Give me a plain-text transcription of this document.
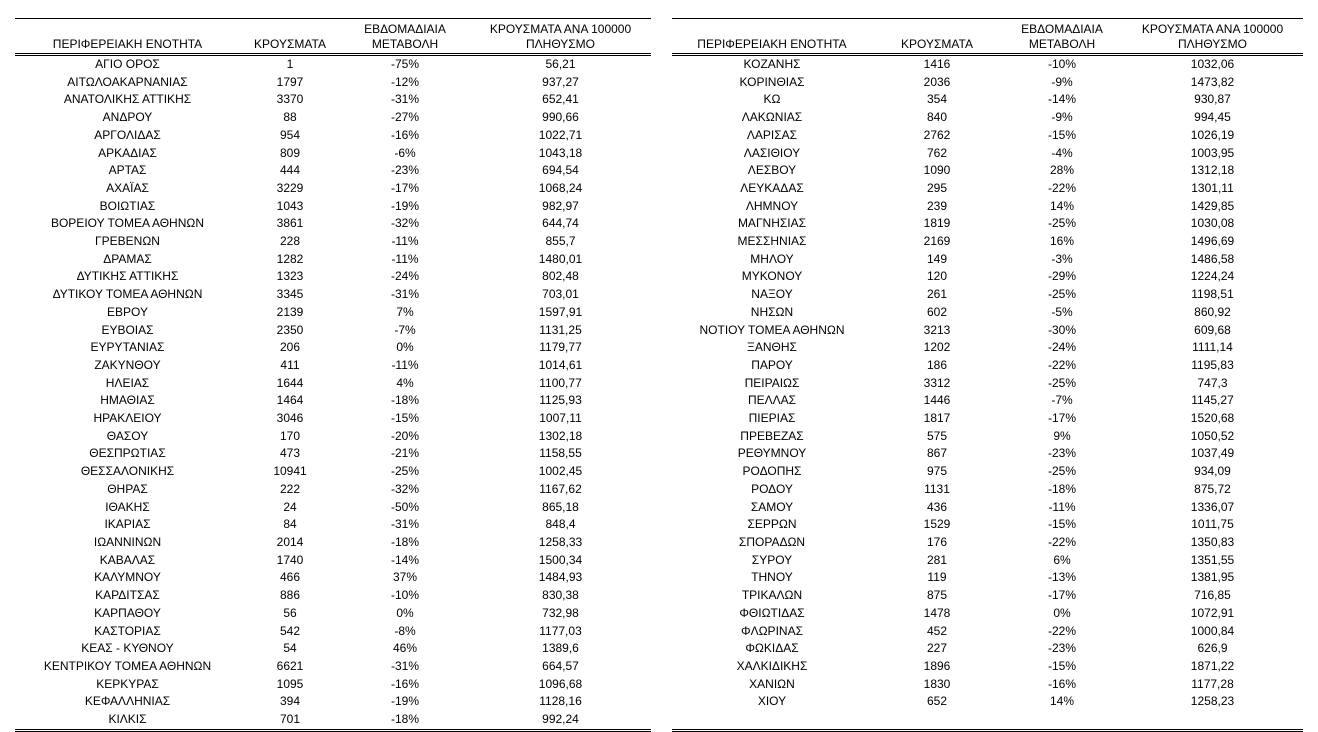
ΠΕΡΙΦΕΡΕΙΑΚΗ ΕΝΟΤΗΤΑ	ΚΡΟΥΣΜΑΤΑ	ΕΒΔΟΜΑΔΙΑΙΑ ΜΕΤΑΒΟΛΗ	ΚΡΟΥΣΜΑΤΑ ΑΝΑ 100000 ΠΛΗΘΥΣΜΟ
ΑΓΙΟ ΟΡΟΣ	1	-75%	56,21
ΑΙΤΩΛΟΑΚΑΡΝΑΝΙΑΣ	1797	-12%	937,27
ΑΝΑΤΟΛΙΚΗΣ ΑΤΤΙΚΗΣ	3370	-31%	652,41
ΑΝΔΡΟΥ	88	-27%	990,66
ΑΡΓΟΛΙΔΑΣ	954	-16%	1022,71
ΑΡΚΑΔΙΑΣ	809	-6%	1043,18
ΑΡΤΑΣ	444	-23%	694,54
ΑΧΑΪΑΣ	3229	-17%	1068,24
ΒΟΙΩΤΙΑΣ	1043	-19%	982,97
ΒΟΡΕΙΟΥ ΤΟΜΕΑ ΑΘΗΝΩΝ	3861	-32%	644,74
ΓΡΕΒΕΝΩΝ	228	-11%	855,7
ΔΡΑΜΑΣ	1282	-11%	1480,01
ΔΥΤΙΚΗΣ ΑΤΤΙΚΗΣ	1323	-24%	802,48
ΔΥΤΙΚΟΥ ΤΟΜΕΑ ΑΘΗΝΩΝ	3345	-31%	703,01
ΕΒΡΟΥ	2139	7%	1597,91
ΕΥΒΟΙΑΣ	2350	-7%	1131,25
ΕΥΡΥΤΑΝΙΑΣ	206	0%	1179,77
ΖΑΚΥΝΘΟΥ	411	-11%	1014,61
ΗΛΕΙΑΣ	1644	4%	1100,77
ΗΜΑΘΙΑΣ	1464	-18%	1125,93
ΗΡΑΚΛΕΙΟΥ	3046	-15%	1007,11
ΘΑΣΟΥ	170	-20%	1302,18
ΘΕΣΠΡΩΤΙΑΣ	473	-21%	1158,55
ΘΕΣΣΑΛΟΝΙΚΗΣ	10941	-25%	1002,45
ΘΗΡΑΣ	222	-32%	1167,62
ΙΘΑΚΗΣ	24	-50%	865,18
ΙΚΑΡΙΑΣ	84	-31%	848,4
ΙΩΑΝΝΙΝΩΝ	2014	-18%	1258,33
ΚΑΒΑΛΑΣ	1740	-14%	1500,34
ΚΑΛΥΜΝΟΥ	466	37%	1484,93
ΚΑΡΔΙΤΣΑΣ	886	-10%	830,38
ΚΑΡΠΑΘΟΥ	56	0%	732,98
ΚΑΣΤΟΡΙΑΣ	542	-8%	1177,03
ΚΕΑΣ - ΚΥΘΝΟΥ	54	46%	1389,6
ΚΕΝΤΡΙΚΟΥ ΤΟΜΕΑ ΑΘΗΝΩΝ	6621	-31%	664,57
ΚΕΡΚΥΡΑΣ	1095	-16%	1096,68
ΚΕΦΑΛΛΗΝΙΑΣ	394	-19%	1128,16
ΚΙΛΚΙΣ	701	-18%	992,24
ΠΕΡΙΦΕΡΕΙΑΚΗ ΕΝΟΤΗΤΑ	ΚΡΟΥΣΜΑΤΑ	ΕΒΔΟΜΑΔΙΑΙΑ ΜΕΤΑΒΟΛΗ	ΚΡΟΥΣΜΑΤΑ ΑΝΑ 100000 ΠΛΗΘΥΣΜΟ
ΚΟΖΑΝΗΣ	1416	-10%	1032,06
ΚΟΡΙΝΘΙΑΣ	2036	-9%	1473,82
ΚΩ	354	-14%	930,87
ΛΑΚΩΝΙΑΣ	840	-9%	994,45
ΛΑΡΙΣΑΣ	2762	-15%	1026,19
ΛΑΣΙΘΙΟΥ	762	-4%	1003,95
ΛΕΣΒΟΥ	1090	28%	1312,18
ΛΕΥΚΑΔΑΣ	295	-22%	1301,11
ΛΗΜΝΟΥ	239	14%	1429,85
ΜΑΓΝΗΣΙΑΣ	1819	-25%	1030,08
ΜΕΣΣΗΝΙΑΣ	2169	16%	1496,69
ΜΗΛΟΥ	149	-3%	1486,58
ΜΥΚΟΝΟΥ	120	-29%	1224,24
ΝΑΞΟΥ	261	-25%	1198,51
ΝΗΣΩΝ	602	-5%	860,92
ΝΟΤΙΟΥ ΤΟΜΕΑ ΑΘΗΝΩΝ	3213	-30%	609,68
ΞΑΝΘΗΣ	1202	-24%	1111,14
ΠΑΡΟΥ	186	-22%	1195,83
ΠΕΙΡΑΙΩΣ	3312	-25%	747,3
ΠΕΛΛΑΣ	1446	-7%	1145,27
ΠΙΕΡΙΑΣ	1817	-17%	1520,68
ΠΡΕΒΕΖΑΣ	575	9%	1050,52
ΡΕΘΥΜΝΟΥ	867	-23%	1037,49
ΡΟΔΟΠΗΣ	975	-25%	934,09
ΡΟΔΟΥ	1131	-18%	875,72
ΣΑΜΟΥ	436	-11%	1336,07
ΣΕΡΡΩΝ	1529	-15%	1011,75
ΣΠΟΡΑΔΩΝ	176	-22%	1350,83
ΣΥΡΟΥ	281	6%	1351,55
ΤΗΝΟΥ	119	-13%	1381,95
ΤΡΙΚΑΛΩΝ	875	-17%	716,85
ΦΘΙΩΤΙΔΑΣ	1478	0%	1072,91
ΦΛΩΡΙΝΑΣ	452	-22%	1000,84
ΦΩΚΙΔΑΣ	227	-23%	626,9
ΧΑΛΚΙΔΙΚΗΣ	1896	-15%	1871,22
ΧΑΝΙΩΝ	1830	-16%	1177,28
ΧΙΟΥ	652	14%	1258,23
